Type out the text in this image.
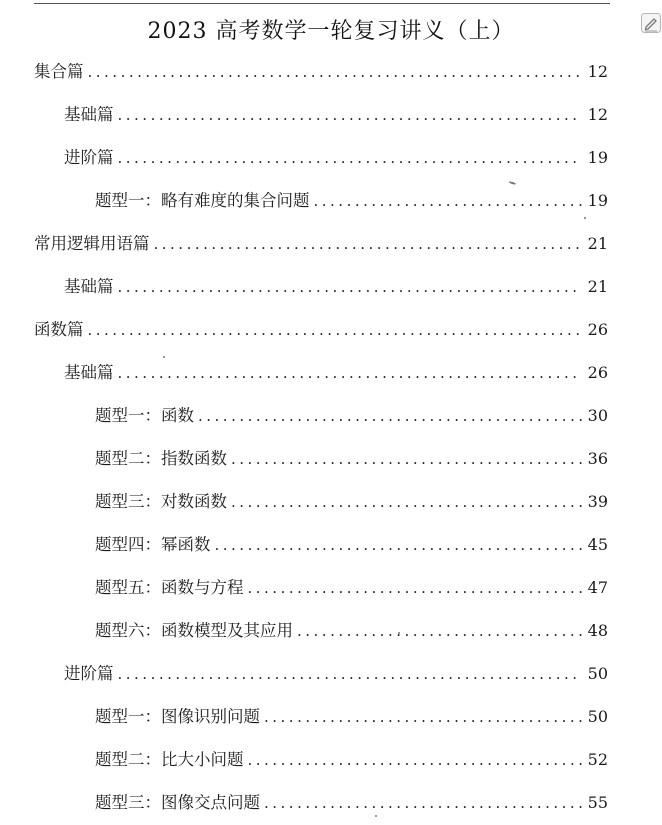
2023 高考数学一轮复习讲义（上）
集合篇 .....	12
基础篇 .....	12
进阶篇 .....	19
题型一：略有难度的集合问题 .....	19
常用逻辑用语篇 .....	21
基础篇 .....	21
函数篇 .....	26
基础篇 .....	26
题型一：函数 .....	30
题型二：指数函数 .....	36
题型三：对数函数 .....	39
题型四：幂函数 .....	45
题型五：函数与方程 .....	47
题型六：函数模型及其应用 .....	48
进阶篇 .....	50
题型一：图像识别问题 .....	50
题型二：比大小问题 .....	52
题型三：图像交点问题 .....	55
